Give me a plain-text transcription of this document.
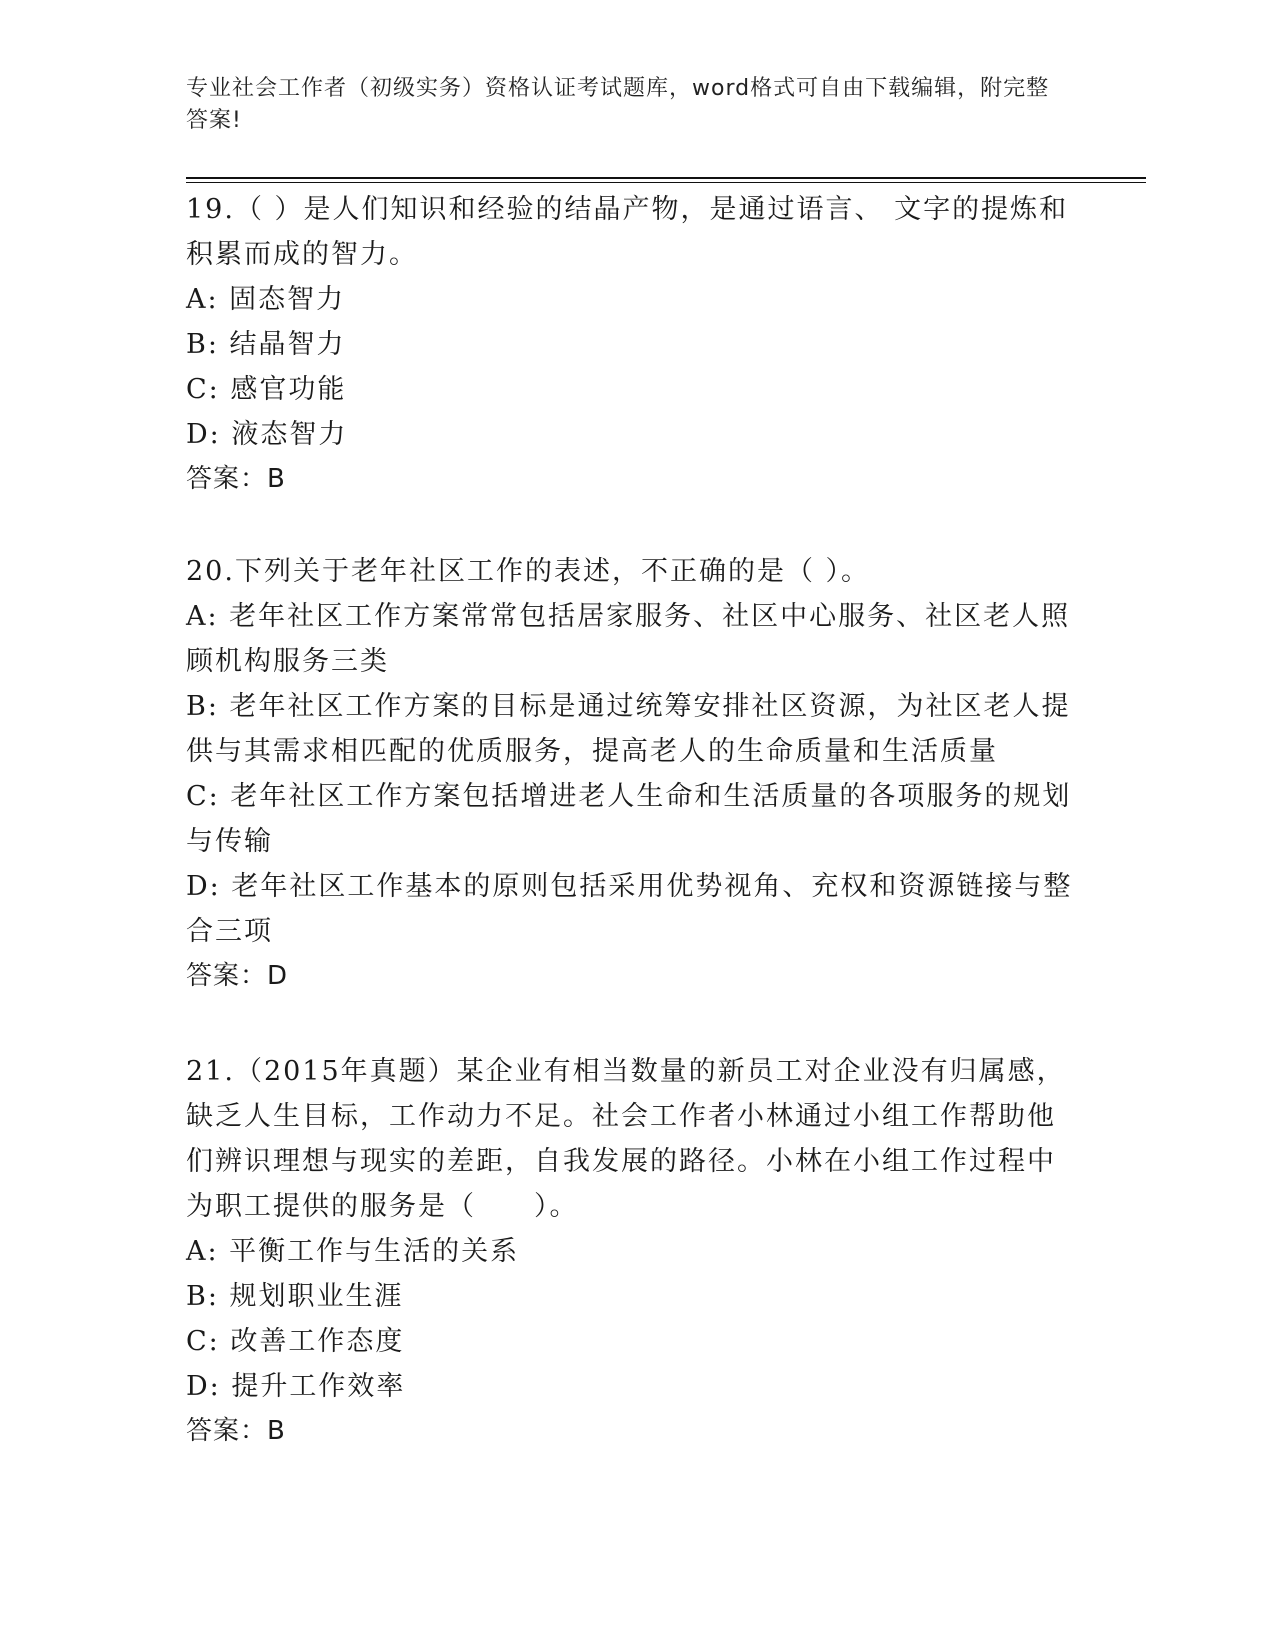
专业社会工作者（初级实务）资格认证考试题库，word格式可自由下载编辑，附完整答案!

19.（ ）是人们知识和经验的结晶产物，是通过语言、 文字的提炼和积累而成的智力。

A: 固态智力

B: 结晶智力

C: 感官功能

D: 液态智力

答案：B

20.下列关于老年社区工作的表述，不正确的是（ ）。

A: 老年社区工作方案常常包括居家服务、社区中心服务、社区老人照顾机构服务三类

B: 老年社区工作方案的目标是通过统筹安排社区资源，为社区老人提供与其需求相匹配的优质服务，提高老人的生命质量和生活质量

C: 老年社区工作方案包括增进老人生命和生活质量的各项服务的规划与传输

D: 老年社区工作基本的原则包括采用优势视角、充权和资源链接与整合三项

答案：D

21.（2015年真题）某企业有相当数量的新员工对企业没有归属感，缺乏人生目标，工作动力不足。社会工作者小林通过小组工作帮助他们辨识理想与现实的差距，自我发展的路径。小林在小组工作过程中为职工提供的服务是（　　）。

A: 平衡工作与生活的关系

B: 规划职业生涯

C: 改善工作态度

D: 提升工作效率

答案：B
